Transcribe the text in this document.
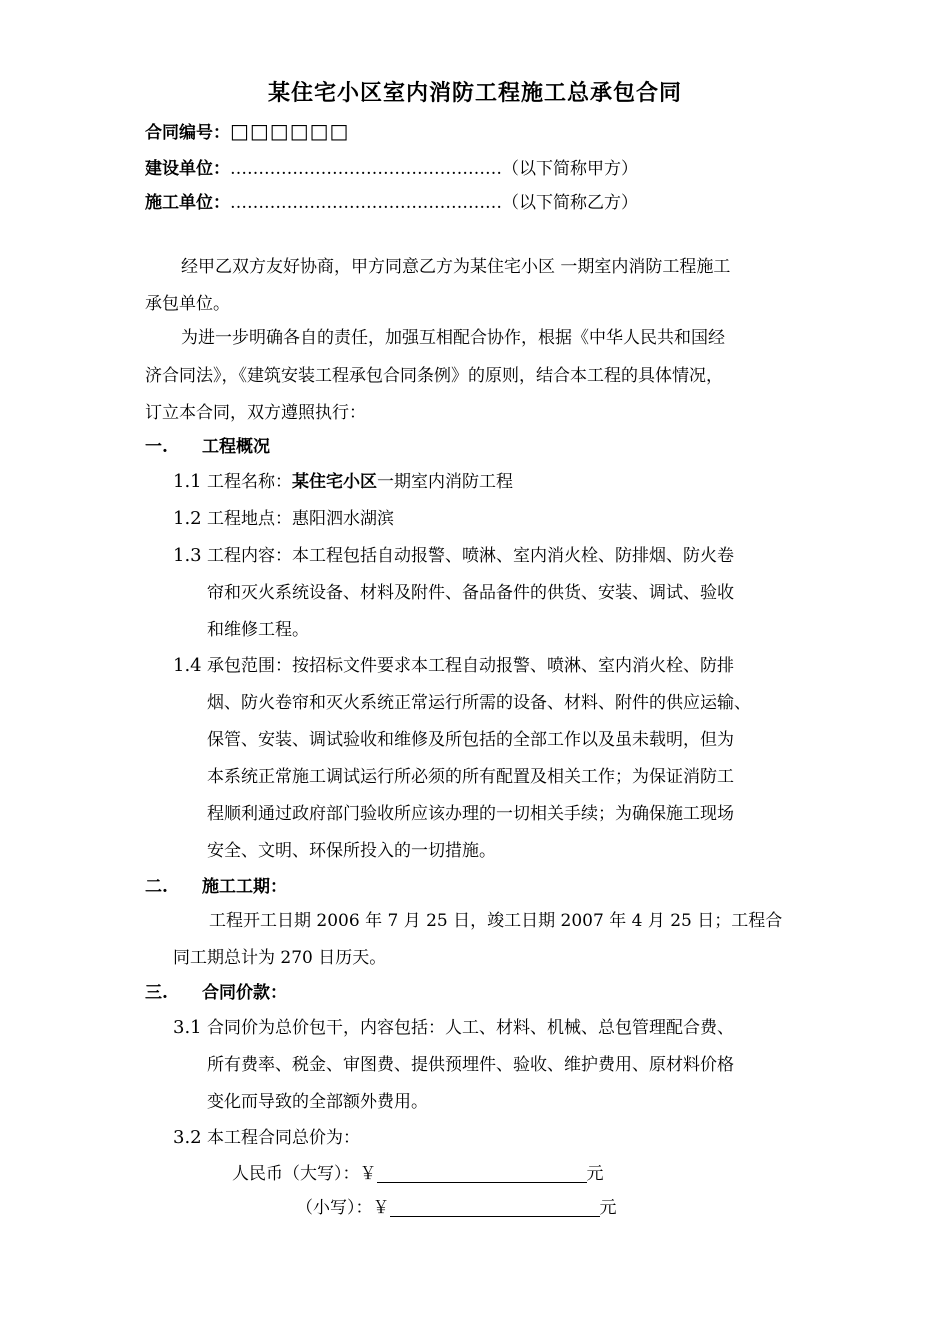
某住宅小区室内消防工程施工总承包合同
合同编号：□□□□□□
建设单位：…………………………………………（以下简称甲方）
施工单位：…………………………………………（以下简称乙方）
经甲乙双方友好协商，甲方同意乙方为某住宅小区 一期室内消防工程施工
承包单位。
为进一步明确各自的责任，加强互相配合协作，根据《中华人民共和国经
济合同法》，《建筑安装工程承包合同条例》的原则，结合本工程的具体情况，
订立本合同，双方遵照执行：
一. 工程概况
1.1 工程名称：某住宅小区一期室内消防工程
1.2 工程地点：惠阳泗水湖滨
1.3 工程内容：本工程包括自动报警、喷淋、室内消火栓、防排烟、防火卷
帘和灭火系统设备、材料及附件、备品备件的供货、安装、调试、验收
和维修工程。
1.4 承包范围：按招标文件要求本工程自动报警、喷淋、室内消火栓、防排
烟、防火卷帘和灭火系统正常运行所需的设备、材料、附件的供应运输、
保管、安装、调试验收和维修及所包括的全部工作以及虽未载明，但为
本系统正常施工调试运行所必须的所有配置及相关工作；为保证消防工
程顺利通过政府部门验收所应该办理的一切相关手续；为确保施工现场
安全、文明、环保所投入的一切措施。
二. 施工工期：
工程开工日期 2006 年 7 月 25 日，竣工日期 2007 年 4 月 25 日；工程合
同工期总计为 270 日历天。
三. 合同价款：
3.1 合同价为总价包干，内容包括：人工、材料、机械、总包管理配合费、
所有费率、税金、审图费、提供预埋件、验收、维护费用、原材料价格
变化而导致的全部额外费用。
3.2 本工程合同总价为：
人民币（大写）：￥	元
（小写）：￥	元
